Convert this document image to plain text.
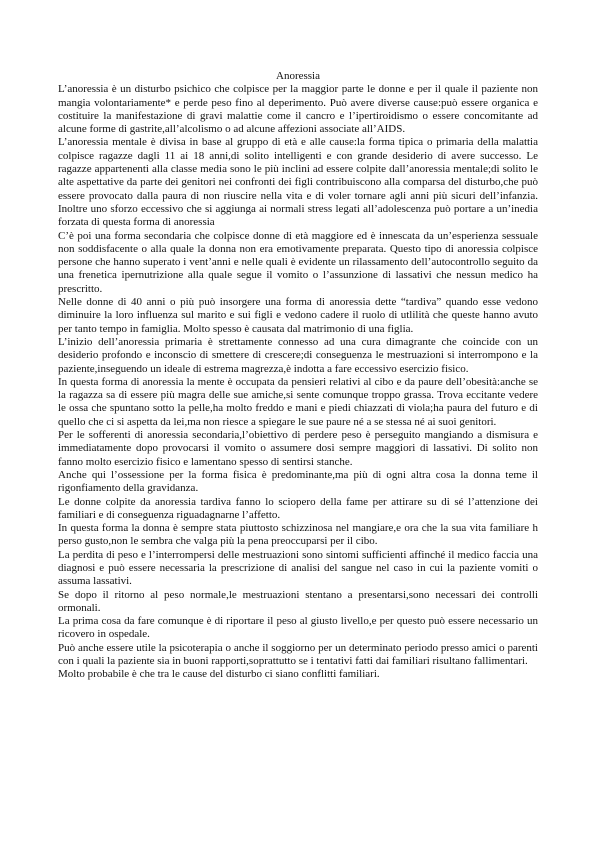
Anoressia

L’anoressia è un disturbo psichico che colpisce per la maggior parte le donne e per il quale il paziente non mangia volontariamente* e perde peso fino al deperimento. Può avere diverse cause:può essere organica e costituire la manifestazione di gravi malattie come il cancro e l’ipertiroidismo o essere concomitante ad alcune forme di gastrite,all’alcolismo o ad alcune affezioni associate all’AIDS.

L’anoressia mentale è divisa in base al gruppo di età e alle cause:la forma tipica o primaria della malattia colpisce ragazze dagli 11 ai 18 anni,di solito intelligenti e con grande desiderio di avere successo. Le ragazze appartenenti alla classe media sono le più inclini ad essere colpite dall’anoressia mentale;di solito le alte aspettative da parte dei genitori nei confronti dei figli contribuiscono alla comparsa del disturbo,che può essere provocato dalla paura di non riuscire nella vita e di voler tornare agli anni più sicuri dell’infanzia. Inoltre uno sforzo eccessivo che si aggiunga ai normali stress legati all’adolescenza può portare a un’inedia forzata di questa forma di anoressia

C’è poi una forma secondaria che colpisce donne di età maggiore ed è innescata da un’esperienza sessuale non soddisfacente o alla quale la donna non era emotivamente preparata. Questo tipo di anoressia colpisce persone che hanno superato i vent’anni e nelle quali è evidente un rilassamento dell’autocontrollo seguito da una frenetica ipernutrizione alla quale segue il vomito o l’assunzione di lassativi che nessun medico ha prescritto.

Nelle donne di 40 anni o più può insorgere una forma di anoressia dette “tardiva” quando esse vedono diminuire la loro influenza sul marito e sui figli e vedono cadere il ruolo di utlilità che queste hanno avuto per tanto tempo in famiglia. Molto spesso è causata dal matrimonio di una figlia.

L’inizio dell’anoressia primaria è strettamente connesso ad una cura dimagrante che coincide con un desiderio profondo e inconscio di smettere di crescere;di conseguenza le mestruazioni si interrompono e la paziente,inseguendo un ideale di estrema magrezza,è indotta a fare eccessivo esercizio fisico.

In questa forma di anoressia la mente è occupata da pensieri relativi al cibo e da paure dell’obesità:anche se la ragazza sa di essere più magra delle sue amiche,si sente comunque troppo grassa. Trova eccitante vedere le ossa che spuntano sotto la pelle,ha molto freddo e mani e piedi chiazzati di viola;ha paura del futuro e di quello che ci si aspetta da lei,ma non riesce a spiegare le sue paure né a se stessa né ai suoi genitori.

Per le sofferenti di anoressia secondaria,l’obiettivo di perdere peso è perseguito mangiando a dismisura e immediatamente dopo provocarsi il vomito o assumere dosi sempre maggiori di lassativi. Di solito non fanno molto esercizio fisico e lamentano spesso di sentirsi stanche.

Anche qui l’ossessione per la forma fisica è predominante,ma più di ogni altra cosa la donna teme il rigonfiamento della gravidanza.

Le donne colpite da anoressia tardiva fanno lo sciopero della fame per attirare su di sé l’attenzione dei familiari e di conseguenza riguadagnarne l’affetto.

In questa forma la donna è sempre stata piuttosto schizzinosa nel mangiare,e ora che la sua vita familiare h perso gusto,non le sembra che valga più la pena preoccuparsi per il cibo.

La perdita di peso e l’interrompersi delle mestruazioni sono sintomi sufficienti affinché il medico faccia una diagnosi e può essere necessaria la prescrizione di analisi del sangue nel caso in cui la paziente vomiti o assuma lassativi.

Se dopo il ritorno al peso normale,le mestruazioni stentano a presentarsi,sono necessari dei controlli ormonali.

La prima cosa da fare comunque è di riportare il peso al giusto livello,e per questo può essere necessario un ricovero in ospedale.

Può anche essere utile la psicoterapia o anche il soggiorno per un determinato periodo presso amici o parenti con i quali la paziente sia in buoni rapporti,soprattutto se i tentativi fatti dai familiari risultano fallimentari.

Molto probabile è che tra le cause del disturbo ci siano conflitti familiari.
